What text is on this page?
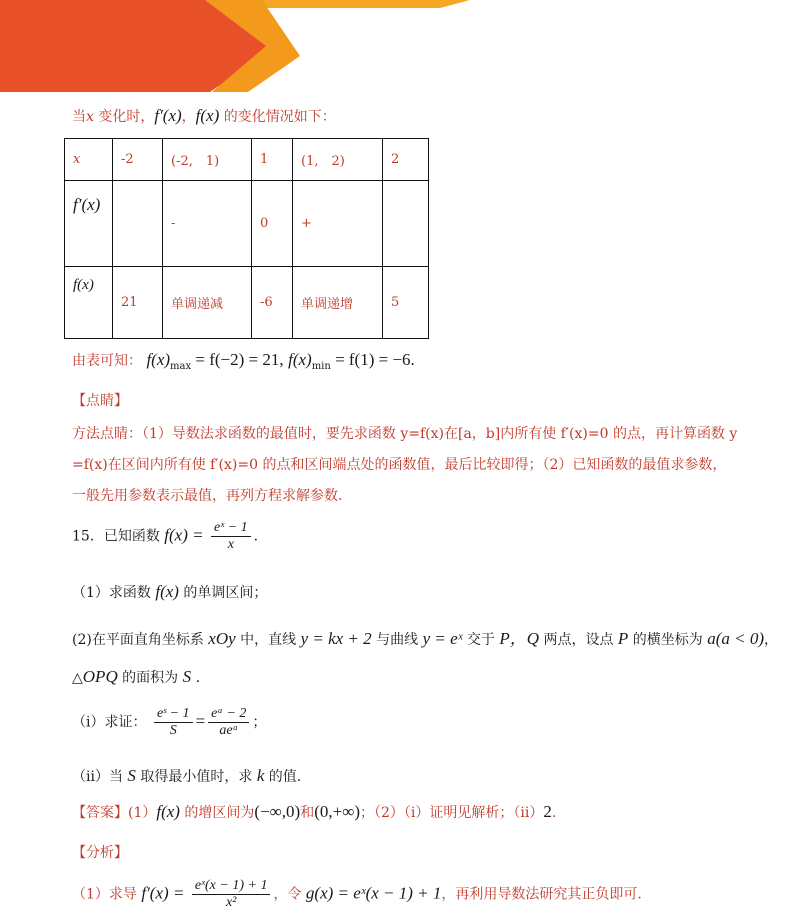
当x 变化时，f′(x)，f(x) 的变化情况如下：
x	-2	(-2,　1)	1	(1,　2)	2
f′(x)		-	0	+	
f(x)	21	单调递减	-6	单调递增	5
由表可知： $f(x)_{max} = f(-2) = 21$, $f(x)_{min} = f(1) = -6$.
【点睛】
方法点睛：（1）导数法求函数的最值时，要先求函数 y=f(x)在[a，b]内所有使 f′(x)=0 的点，再计算函数 y
=f(x)在区间内所有使 f′(x)=0 的点和区间端点处的函数值，最后比较即得；（2）已知函数的最值求参数，
一般先用参数表示最值，再列方程求解参数.
15．已知函数 $f(x) = \frac{\text{eˣ − 1}}{x}$ .
（1）求函数 f(x) 的单调区间；
(2)在平面直角坐标系 xOy 中，直线 y = kx + 2 与曲线 y = eˣ 交于 P，Q 两点，设点 P 的横坐标为 a(a < 0)，
△OPQ 的面积为 S .
（i）求证： $\frac{\text{eˢ − 1}}{S} = \frac{\text{eᵃ − 2}}{\text{aeᵃ}}$ ；
（ii）当 S 取得最小值时，求 k 的值.
【答案】(1）f(x) 的增区间为(−∞,0)和(0,+∞)；（2）（i）证明见解析；（ii）2.
【分析】
（1）求导 $f'(x) = \frac{\text{eˣ(x − 1) + 1}}{\text{x²}}$ ，令 g(x) = eˣ(x − 1) + 1，再利用导数法研究其正负即可.
